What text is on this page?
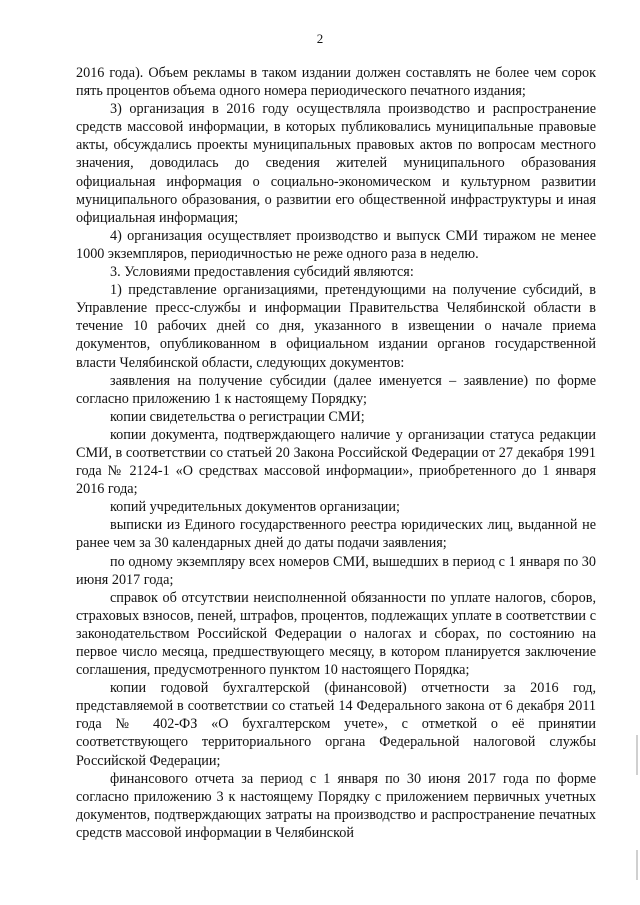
2

2016 года). Объем рекламы в таком издании должен составлять не более чем сорок пять процентов объема одного номера периодического печатного издания;

3) организация в 2016 году осуществляла производство и распространение средств массовой информации, в которых публиковались муниципальные правовые акты, обсуждались проекты муниципальных правовых актов по вопросам местного значения, доводилась до сведения жителей муниципального образования официальная информация о социально-экономическом и культурном развитии муниципального образования, о развитии его общественной инфраструктуры и иная официальная информация;

4) организация осуществляет производство и выпуск СМИ тиражом не менее 1000 экземпляров, периодичностью не реже одного раза в неделю.

3. Условиями предоставления субсидий являются:

1) представление организациями, претендующими на получение субсидий, в Управление пресс-службы и информации Правительства Челябинской области в течение 10 рабочих дней со дня, указанного в извещении о начале приема документов, опубликованном в официальном издании органов государственной власти Челябинской области, следующих документов:

заявления на получение субсидии (далее именуется – заявление) по форме согласно приложению 1 к настоящему Порядку;

копии свидетельства о регистрации СМИ;

копии документа, подтверждающего наличие у организации статуса редакции СМИ, в соответствии со статьей 20 Закона Российской Федерации от 27 декабря 1991 года № 2124-1 «О средствах массовой информации», приобретенного до 1 января 2016 года;

копий учредительных документов организации;

выписки из Единого государственного реестра юридических лиц, выданной не ранее чем за 30 календарных дней до даты подачи заявления;

по одному экземпляру всех номеров СМИ, вышедших в период с 1 января по 30 июня 2017 года;

справок об отсутствии неисполненной обязанности по уплате налогов, сборов, страховых взносов, пеней, штрафов, процентов, подлежащих уплате в соответствии с законодательством Российской Федерации о налогах и сборах, по состоянию на первое число месяца, предшествующего месяцу, в котором планируется заключение соглашения, предусмотренного пунктом 10 настоящего Порядка;

копии годовой бухгалтерской (финансовой) отчетности за 2016 год, представляемой в соответствии со статьей 14 Федерального закона от 6 декабря 2011 года № 402-ФЗ «О бухгалтерском учете», с отметкой о её принятии соответствующего территориального органа Федеральной налоговой службы Российской Федерации;

финансового отчета за период с 1 января по 30 июня 2017 года по форме согласно приложению 3 к настоящему Порядку с приложением первичных учетных документов, подтверждающих затраты на производство и распространение печатных средств массовой информации в Челябинской
